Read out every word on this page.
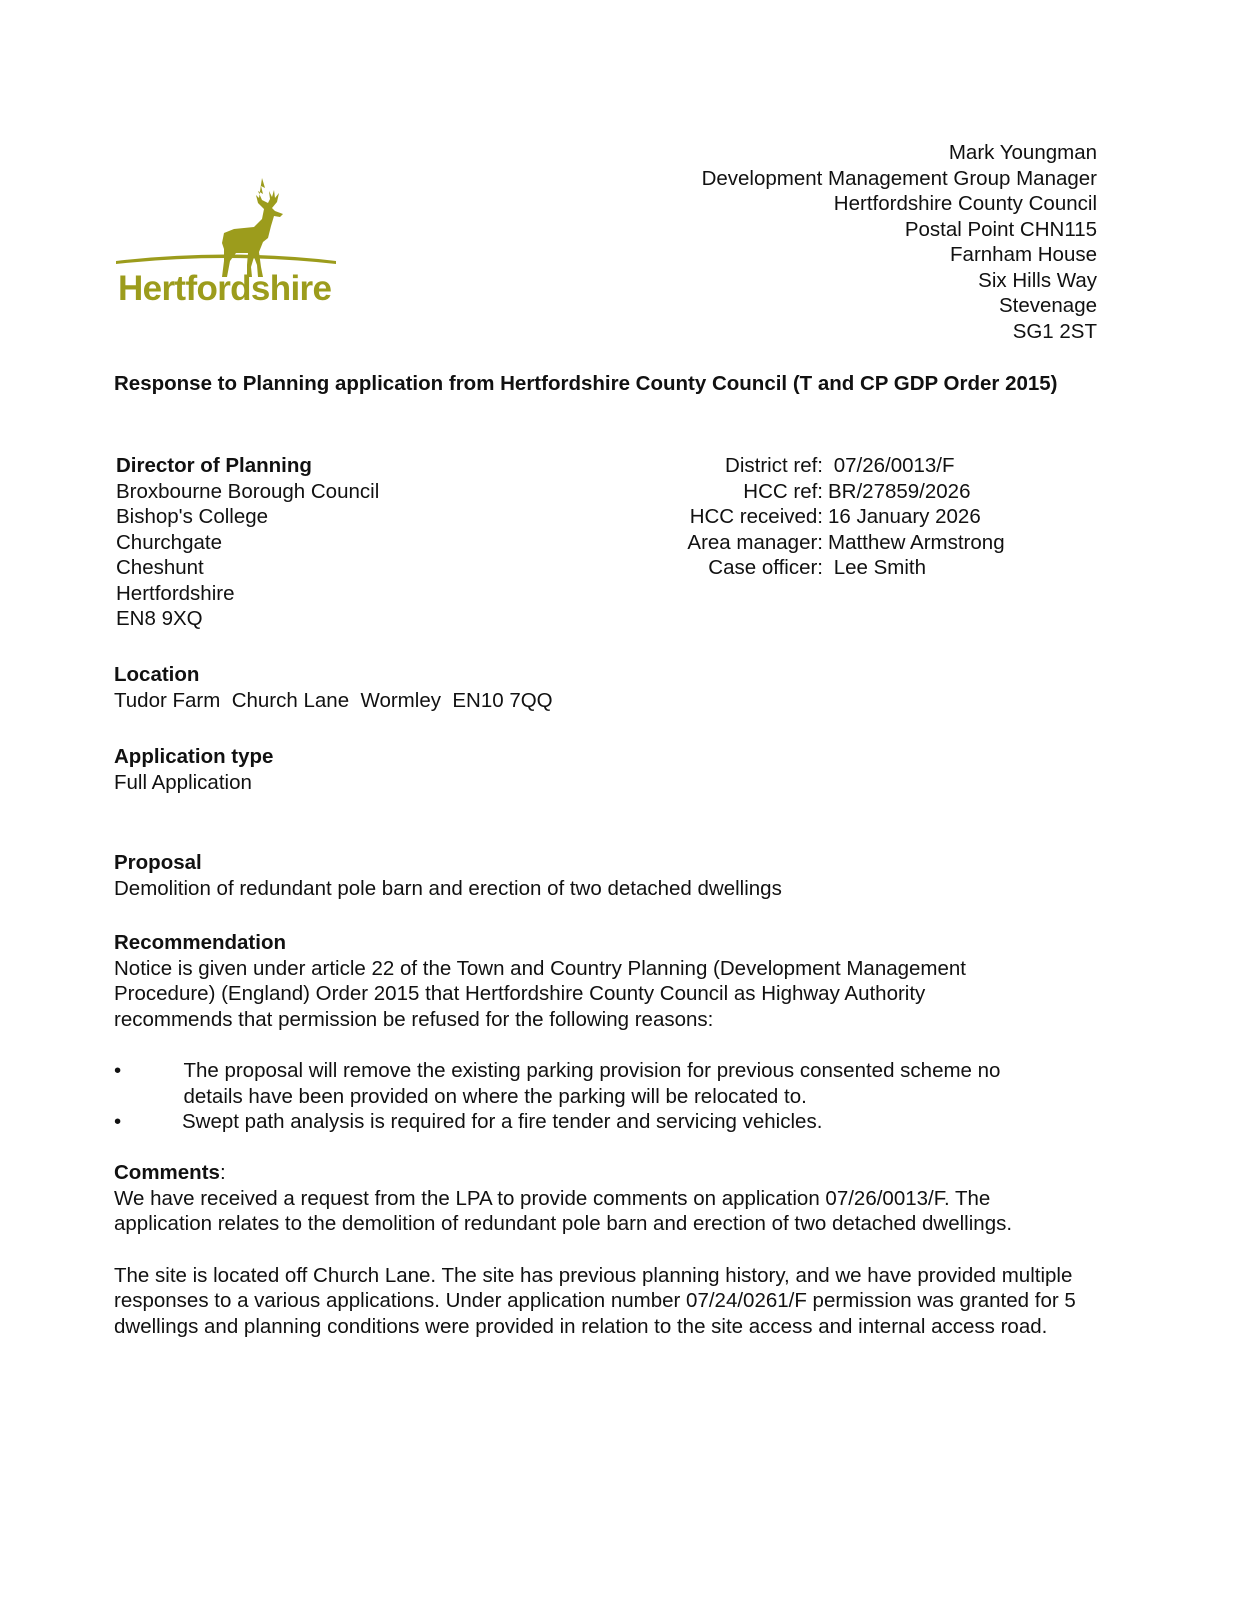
Hertfordshire
Mark Youngman
Development Management Group Manager
Hertfordshire County Council
Postal Point CHN115
Farnham House
Six Hills Way
Stevenage
SG1 2ST
Response to Planning application from Hertfordshire County Council (T and CP GDP Order 2015)
Director of Planning
Broxbourne Borough Council
Bishop's College
Churchgate
Cheshunt
Hertfordshire
EN8 9XQ
District ref: 07/26/0013/F
HCC ref: BR/27859/2026
HCC received: 16 January 2026
Area manager: Matthew Armstrong
Case officer: Lee Smith
Location
Tudor Farm  Church Lane  Wormley  EN10 7QQ
Application type
Full Application
Proposal
Demolition of redundant pole barn and erection of two detached dwellings
Recommendation
Notice is given under article 22 of the Town and Country Planning (Development Management Procedure) (England) Order 2015 that Hertfordshire County Council as Highway Authority recommends that permission be refused for the following reasons:
•	The proposal will remove the existing parking provision for previous consented scheme no details have been provided on where the parking will be relocated to.
•	Swept path analysis is required for a fire tender and servicing vehicles.
Comments:
We have received a request from the LPA to provide comments on application 07/26/0013/F. The application relates to the demolition of redundant pole barn and erection of two detached dwellings.
The site is located off Church Lane. The site has previous planning history, and we have provided multiple responses to a various applications. Under application number 07/24/0261/F permission was granted for 5 dwellings and planning conditions were provided in relation to the site access and internal access road.
